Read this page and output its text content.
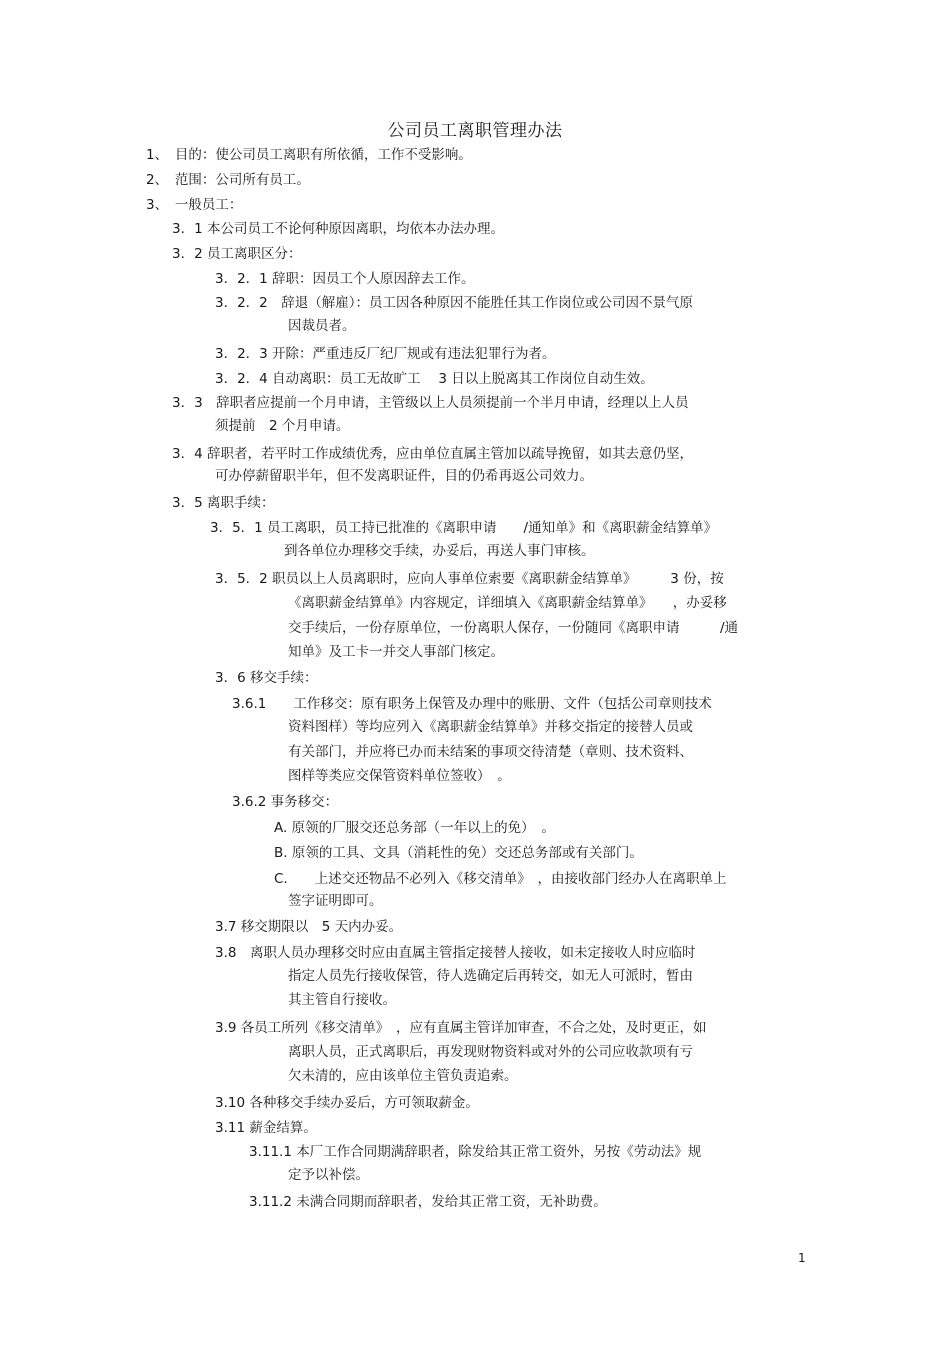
公司员工离职管理办法
1、　目的：使公司员工离职有所依循，工作不受影响。
2、　范围：公司所有员工。
3、　一般员工：
3．1 本公司员工不论何种原因离职，均依本办法办理。
3．2 员工离职区分：
3．2．1 辞职：因员工个人原因辞去工作。
3．2．2　辞退（解雇）：员工因各种原因不能胜任其工作岗位或公司因不景气原
因裁员者。
3．2．3 开除：严重违反厂纪厂规或有违法犯罪行为者。
3．2．4 自动离职：员工无故旷工　 3 日以上脱离其工作岗位自动生效。
3．3　辞职者应提前一个月申请，主管级以上人员须提前一个半月申请，经理以上人员
须提前　2 个月申请。
3．4 辞职者，若平时工作成绩优秀，应由单位直属主管加以疏导挽留，如其去意仍坚，
可办停薪留职半年，但不发离职证件，目的仍希再返公司效力。
3．5 离职手续：
3．5．1 员工离职，员工持已批准的《离职申请　　/通知单》和《离职薪金结算单》
到各单位办理移交手续，办妥后，再送人事门审核。
3．5．2 职员以上人员离职时，应向人事单位索要《离职薪金结算单》　　　3 份，按
《离职薪金结算单》内容规定，详细填入《离职薪金结算单》　　，办妥移
交手续后，一份存原单位，一份离职人保存，一份随同《离职申请　　　/通
知单》及工卡一并交人事部门核定。
3．6 移交手续：
3.6.1　　工作移交：原有职务上保管及办理中的账册、文件（包括公司章则技术
资料图样）等均应列入《离职薪金结算单》并移交指定的接替人员或
有关部门，并应将已办而未结案的事项交待清楚（章则、技术资料、
图样等类应交保管资料单位签收）　。
3.6.2 事务移交：
A. 原领的厂服交还总务部（一年以上的免）　。
B. 原领的工具、文具（消耗性的免）交还总务部或有关部门。
C.　　上述交还物品不必列入《移交清单》　，由接收部门经办人在离职单上
签字证明即可。
3.7 移交期限以　5 天内办妥。
3.8　离职人员办理移交时应由直属主管指定接替人接收，如未定接收人时应临时
指定人员先行接收保管，待人选确定后再转交，如无人可派时，暂由
其主管自行接收。
3.9 各员工所列《移交清单》　，应有直属主管详加审查，不合之处，及时更正，如
离职人员，正式离职后，再发现财物资料或对外的公司应收款项有亏
欠未清的，应由该单位主管负责追索。
3.10 各种移交手续办妥后，方可领取薪金。
3.11 薪金结算。
3.11.1 本厂工作合同期满辞职者，除发给其正常工资外，另按《劳动法》规
定予以补偿。
3.11.2 未满合同期而辞职者，发给其正常工资，无补助费。
1
